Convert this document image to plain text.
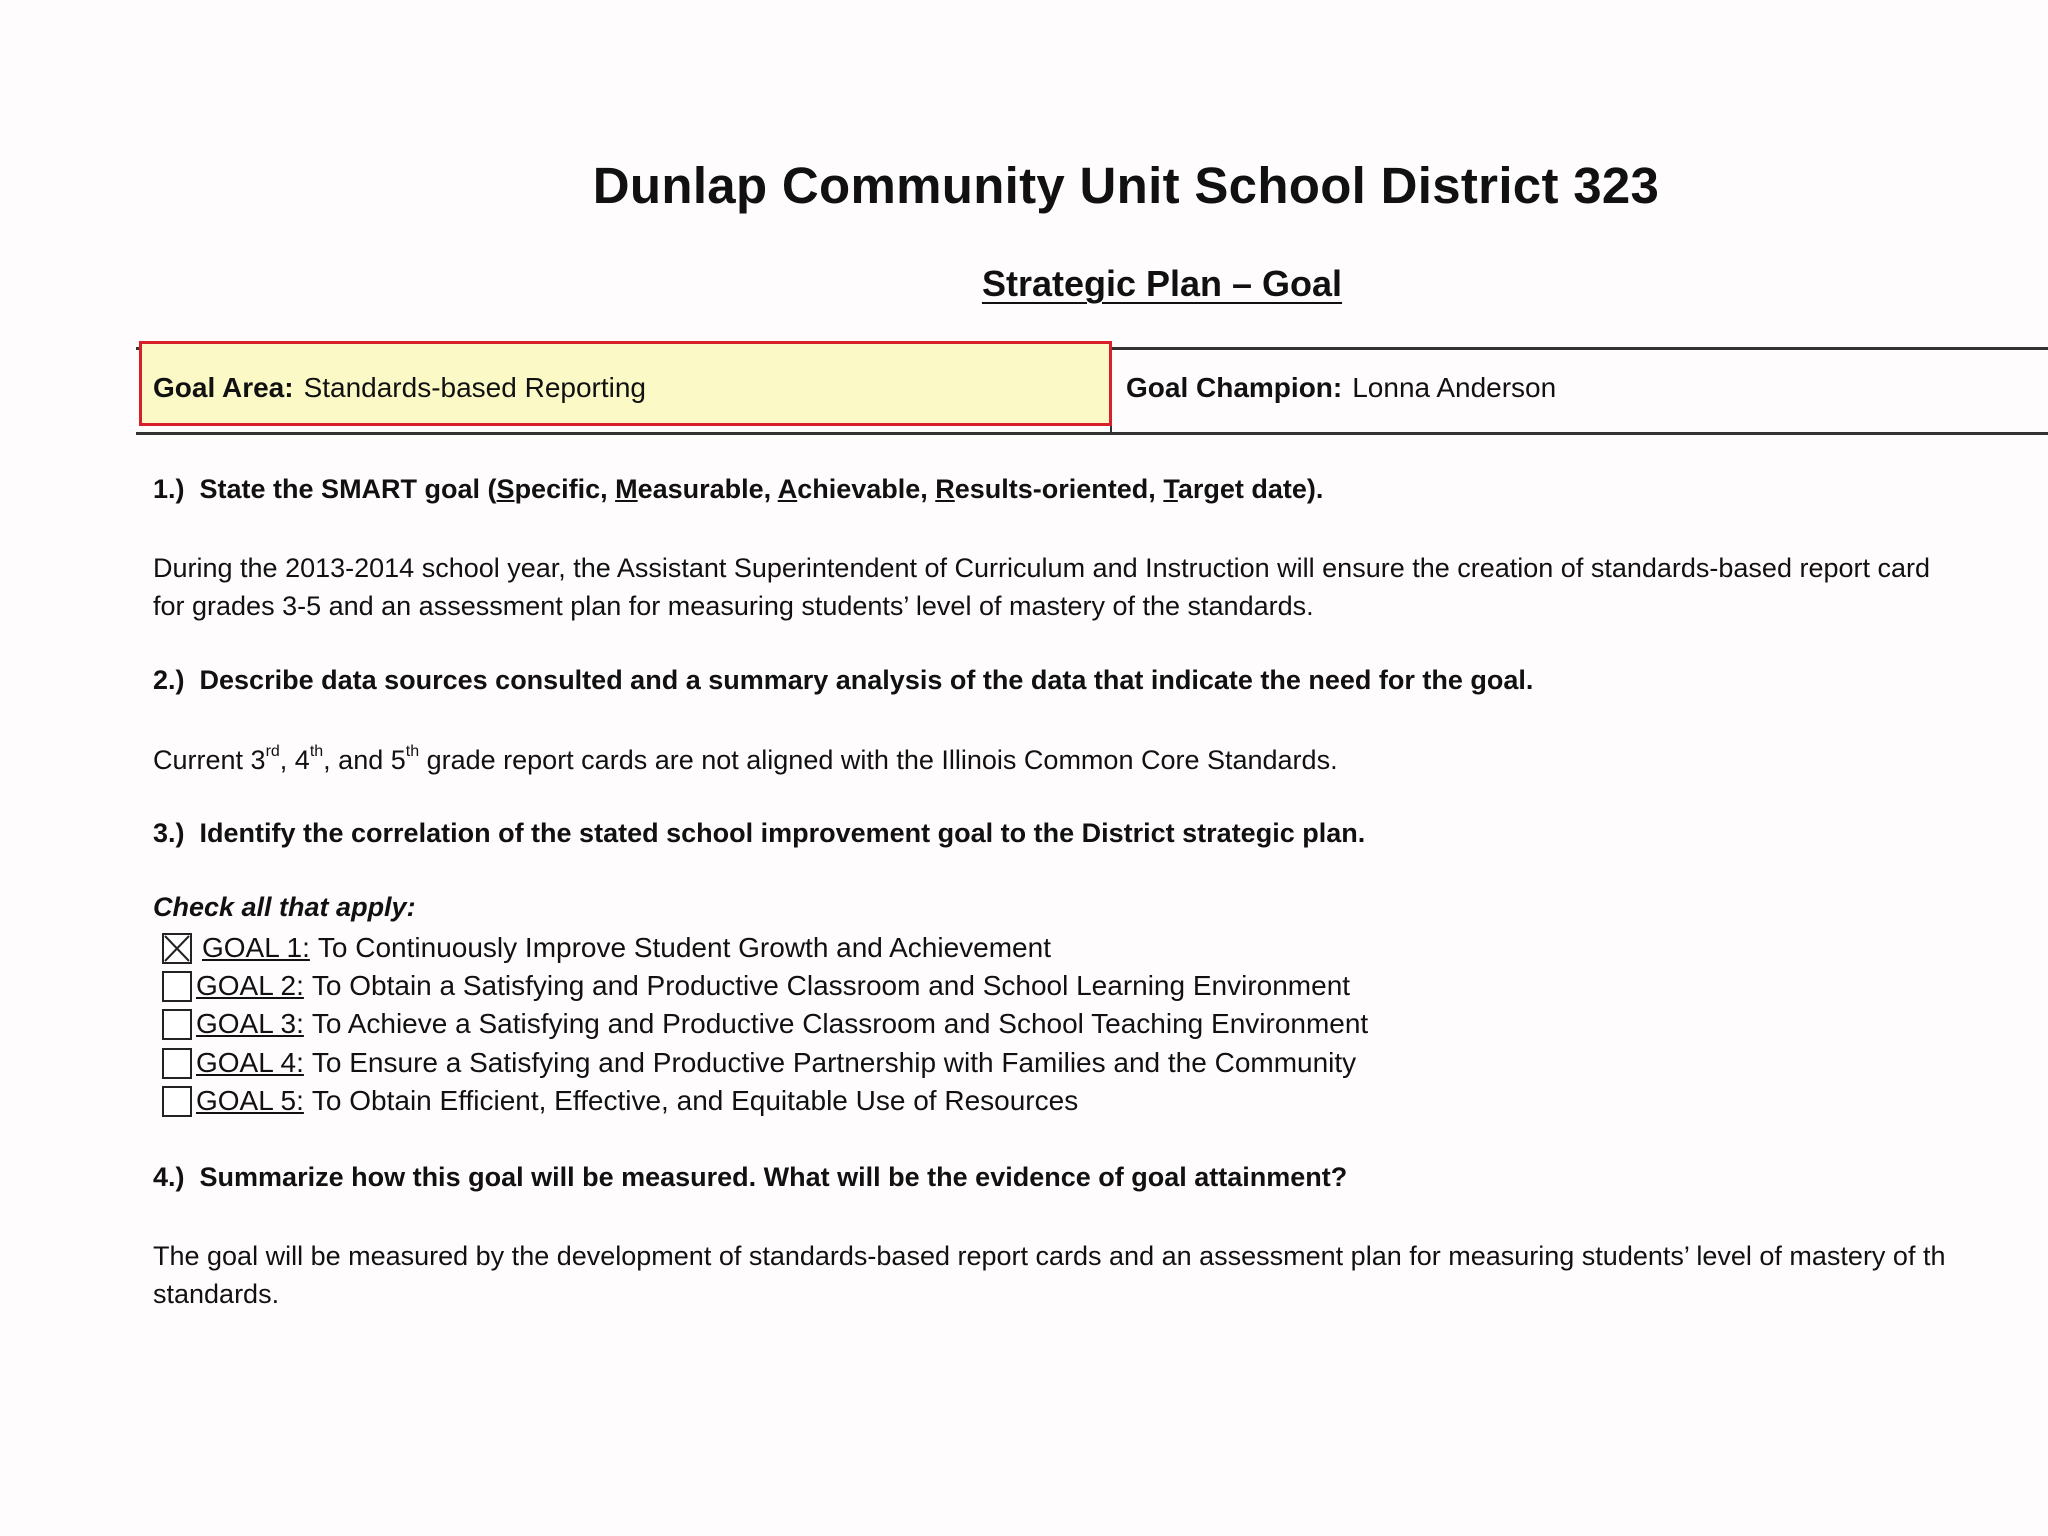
Dunlap Community Unit School District 323
Strategic Plan – Goal
Goal Area: Standards-based Reporting	Goal Champion: Lonna Anderson
1.) State the SMART goal (Specific, Measurable, Achievable, Results-oriented, Target date).
During the 2013-2014 school year, the Assistant Superintendent of Curriculum and Instruction will ensure the creation of standards-based report card
for grades 3-5 and an assessment plan for measuring students’ level of mastery of the standards.
2.) Describe data sources consulted and a summary analysis of the data that indicate the need for the goal.
Current 3rd, 4th, and 5th grade report cards are not aligned with the Illinois Common Core Standards.
3.) Identify the correlation of the stated school improvement goal to the District strategic plan.
Check all that apply:
GOAL 1: To Continuously Improve Student Growth and Achievement
GOAL 2: To Obtain a Satisfying and Productive Classroom and School Learning Environment
GOAL 3: To Achieve a Satisfying and Productive Classroom and School Teaching Environment
GOAL 4: To Ensure a Satisfying and Productive Partnership with Families and the Community
GOAL 5: To Obtain Efficient, Effective, and Equitable Use of Resources
4.) Summarize how this goal will be measured. What will be the evidence of goal attainment?
The goal will be measured by the development of standards-based report cards and an assessment plan for measuring students’ level of mastery of th
standards.
